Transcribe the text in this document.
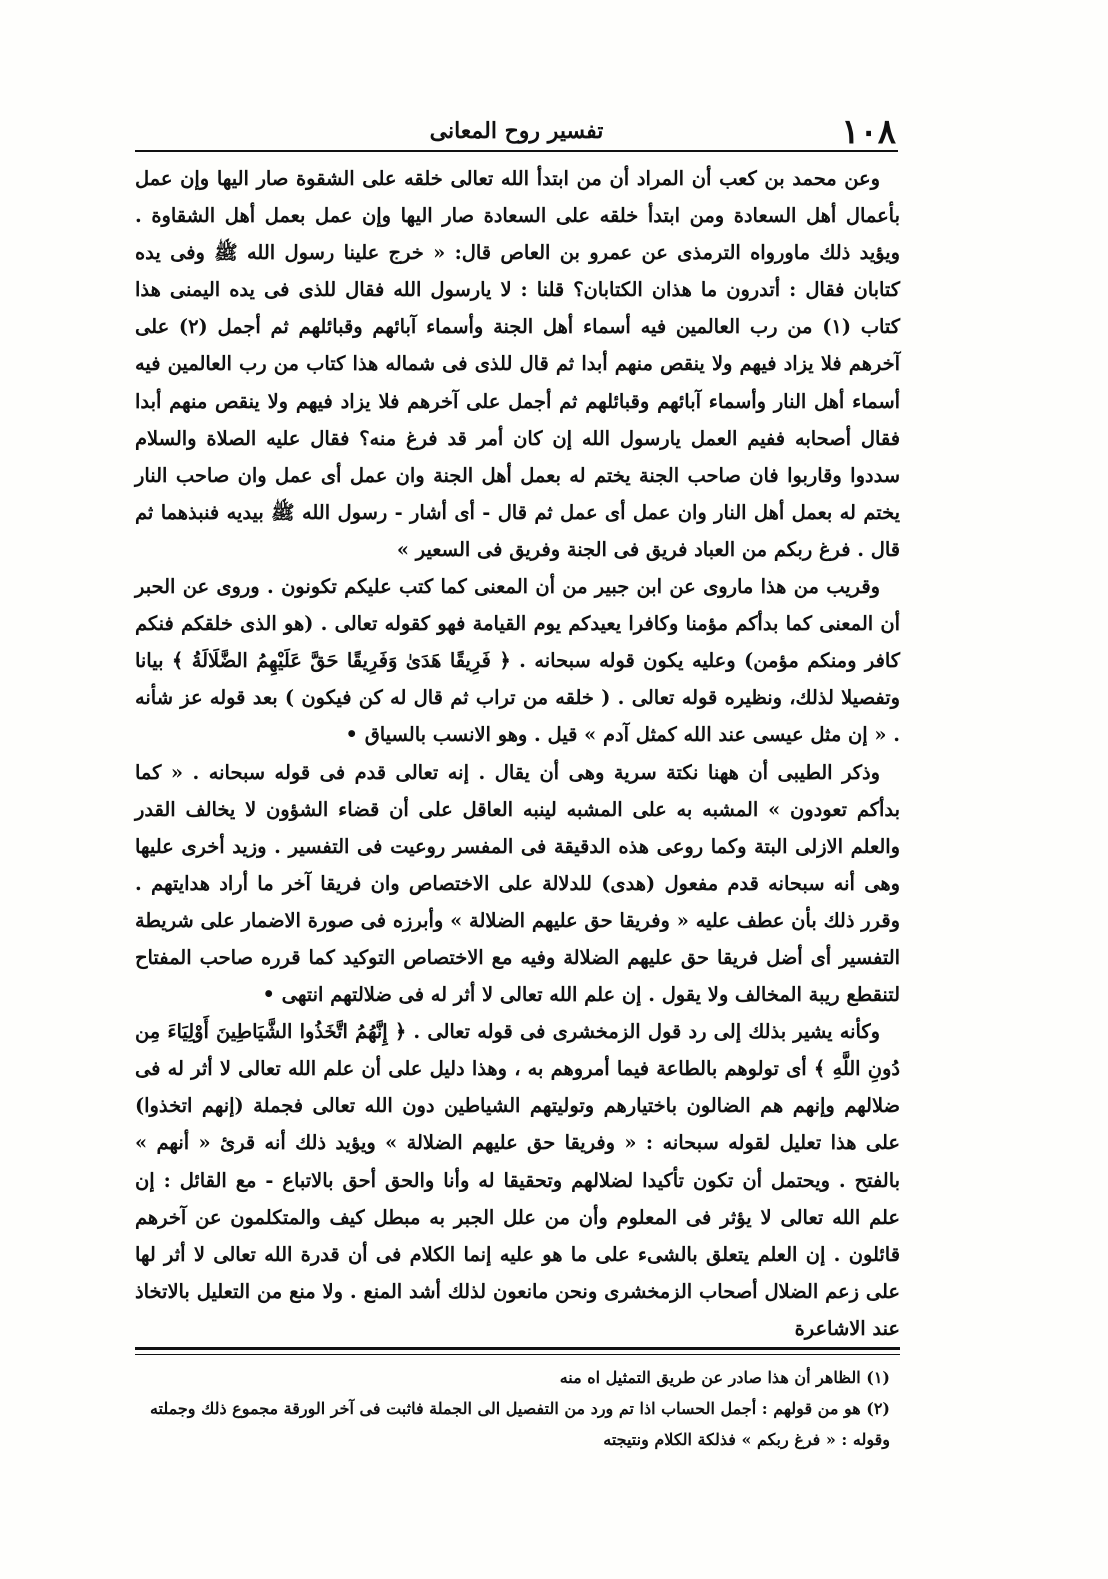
١٠٨
تفسير روح المعانى

وعن محمد بن كعب أن المراد أن من ابتدأ الله تعالى خلقه على الشقوة صار اليها وإن عمل بأعمال أهل السعادة ومن ابتدأ خلقه على السعادة صار اليها وإن عمل بعمل أهل الشقاوة . ويؤيد ذلك ماورواه الترمذى عن عمرو بن العاص قال: « خرج علينا رسول الله ﷺ وفى يده كتابان فقال : أتدرون ما هذان الكتابان؟ قلنا : لا يارسول الله فقال للذى فى يده اليمنى هذا كتاب (١) من رب العالمين فيه أسماء أهل الجنة وأسماء آبائهم وقبائلهم ثم أجمل (٢) على آخرهم فلا يزاد فيهم ولا ينقص منهم أبدا ثم قال للذى فى شماله هذا كتاب من رب العالمين فيه أسماء أهل النار وأسماء آبائهم وقبائلهم ثم أجمل على آخرهم فلا يزاد فيهم ولا ينقص منهم أبدا فقال أصحابه ففيم العمل يارسول الله إن كان أمر قد فرغ منه؟ فقال عليه الصلاة والسلام سددوا وقاربوا فان صاحب الجنة يختم له بعمل أهل الجنة وان عمل أى عمل وان صاحب النار يختم له بعمل أهل النار وان عمل أى عمل ثم قال - أى أشار - رسول الله ﷺ بيديه فنبذهما ثم قال . فرغ ربكم من العباد فريق فى الجنة وفريق فى السعير »

وقريب من هذا ماروى عن ابن جبير من أن المعنى كما كتب عليكم تكونون . وروى عن الحبر أن المعنى كما بدأكم مؤمنا وكافرا يعيدكم يوم القيامة فهو كقوله تعالى . (هو الذى خلقكم فنكم كافر ومنكم مؤمن) وعليه يكون قوله سبحانه . ﴿ فَرِيقًا هَدَىٰ وَفَرِيقًا حَقَّ عَلَيْهِمُ الضَّلَالَةُ ﴾ بيانا وتفصيلا لذلك، ونظيره قوله تعالى . ( خلقه من تراب ثم قال له كن فيكون ) بعد قوله عز شأنه . « إن مثل عيسى عند الله كمثل آدم » قيل . وهو الانسب بالسياق •

وذكر الطيبى أن ههنا نكتة سرية وهى أن يقال . إنه تعالى قدم فى قوله سبحانه . « كما بدأكم تعودون » المشبه به على المشبه لينبه العاقل على أن قضاء الشؤون لا يخالف القدر والعلم الازلى البتة وكما روعى هذه الدقيقة فى المفسر روعيت فى التفسير . وزيد أخرى عليها وهى أنه سبحانه قدم مفعول (هدى) للدلالة على الاختصاص وان فريقا آخر ما أراد هدايتهم . وقرر ذلك بأن عطف عليه « وفريقا حق عليهم الضلالة » وأبرزه فى صورة الاضمار على شريطة التفسير أى أضل فريقا حق عليهم الضلالة وفيه مع الاختصاص التوكيد كما قرره صاحب المفتاح لتنقطع ريبة المخالف ولا يقول . إن علم الله تعالى لا أثر له فى ضلالتهم انتهى •

وكأنه يشير بذلك إلى رد قول الزمخشرى فى قوله تعالى . ﴿ إِنَّهُمُ اتَّخَذُوا الشَّيَاطِينَ أَوْلِيَاءَ مِن دُونِ اللَّهِ ﴾ أى تولوهم بالطاعة فيما أمروهم به ، وهذا دليل على أن علم الله تعالى لا أثر له فى ضلالهم وإنهم هم الضالون باختيارهم وتوليتهم الشياطين دون الله تعالى فجملة (إنهم اتخذوا) على هذا تعليل لقوله سبحانه : « وفريقا حق عليهم الضلالة » ويؤيد ذلك أنه قرئ « أنهم » بالفتح . ويحتمل أن تكون تأكيدا لضلالهم وتحقيقا له وأنا والحق أحق بالاتباع - مع القائل : إن علم الله تعالى لا يؤثر فى المعلوم وأن من علل الجبر به مبطل كيف والمتكلمون عن آخرهم قائلون . إن العلم يتعلق بالشىء على ما هو عليه إنما الكلام فى أن قدرة الله تعالى لا أثر لها على زعم الضلال أصحاب الزمخشرى ونحن مانعون لذلك أشد المنع . ولا منع من التعليل بالاتخاذ عند الاشاعرة

(١) الظاهر أن هذا صادر عن طريق التمثيل اه منه

(٢) هو من قولهم : أجمل الحساب اذا تم ورد من التفصيل الى الجملة فاثبت فى آخر الورقة مجموع ذلك وجملته

وقوله : « فرغ ربكم » فذلكة الكلام ونتيجته
